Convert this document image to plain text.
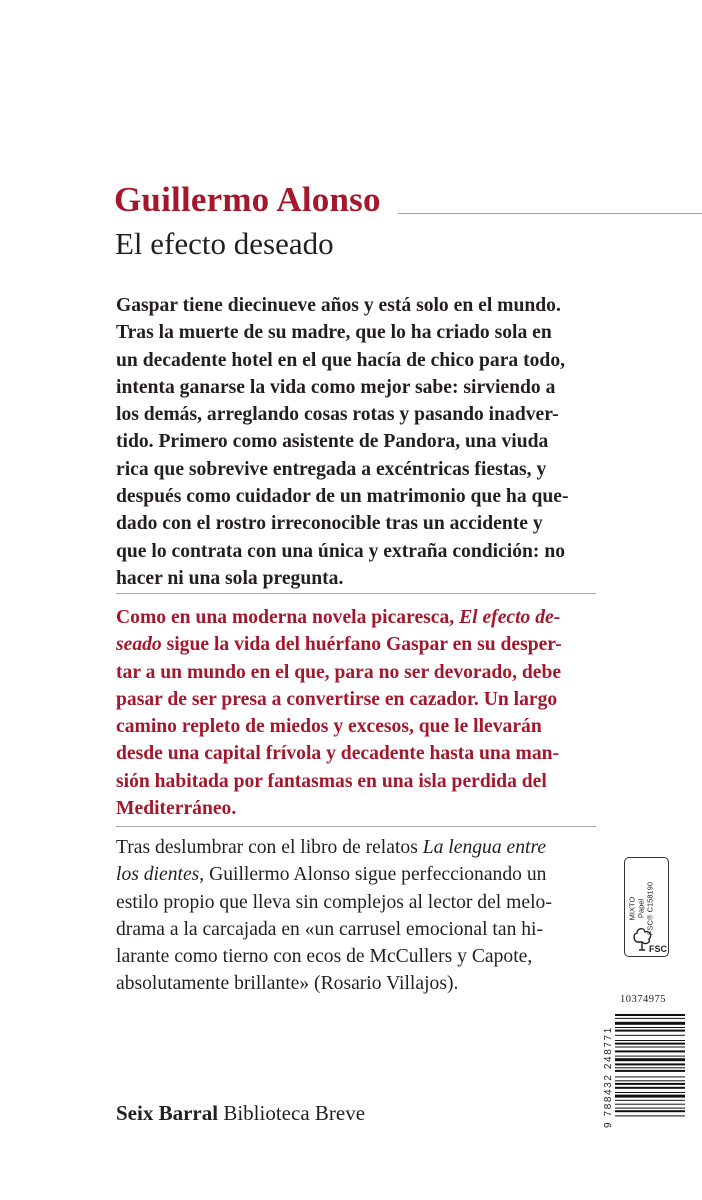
Guillermo Alonso
El efecto deseado

Gaspar tiene diecinueve años y está solo en el mundo.

Tras la muerte de su madre, que lo ha criado sola en

un decadente hotel en el que hacía de chico para todo,

intenta ganarse la vida como mejor sabe: sirviendo a

los demás, arreglando cosas rotas y pasando inadver-

tido. Primero como asistente de Pandora, una viuda

rica que sobrevive entregada a excéntricas fiestas, y

después como cuidador de un matrimonio que ha que-

dado con el rostro irreconocible tras un accidente y

que lo contrata con una única y extraña condición: no

hacer ni una sola pregunta.

Como en una moderna novela picaresca, El efecto de-

seado sigue la vida del huérfano Gaspar en su desper-

tar a un mundo en el que, para no ser devorado, debe

pasar de ser presa a convertirse en cazador. Un largo

camino repleto de miedos y excesos, que le llevarán

desde una capital frívola y decadente hasta una man-

sión habitada por fantasmas en una isla perdida del

Mediterráneo.

Tras deslumbrar con el libro de relatos La lengua entre

los dientes, Guillermo Alonso sigue perfeccionando un

estilo propio que lleva sin complejos al lector del melo-

drama a la carcajada en «un carrusel emocional tan hi-

larante como tierno con ecos de McCullers y Capote,

absolutamente brillante» (Rosario Villajos).

MIXTO Papel FSC® C158190
FSC
10374975
9 788432 248771
Seix Barral Biblioteca Breve
